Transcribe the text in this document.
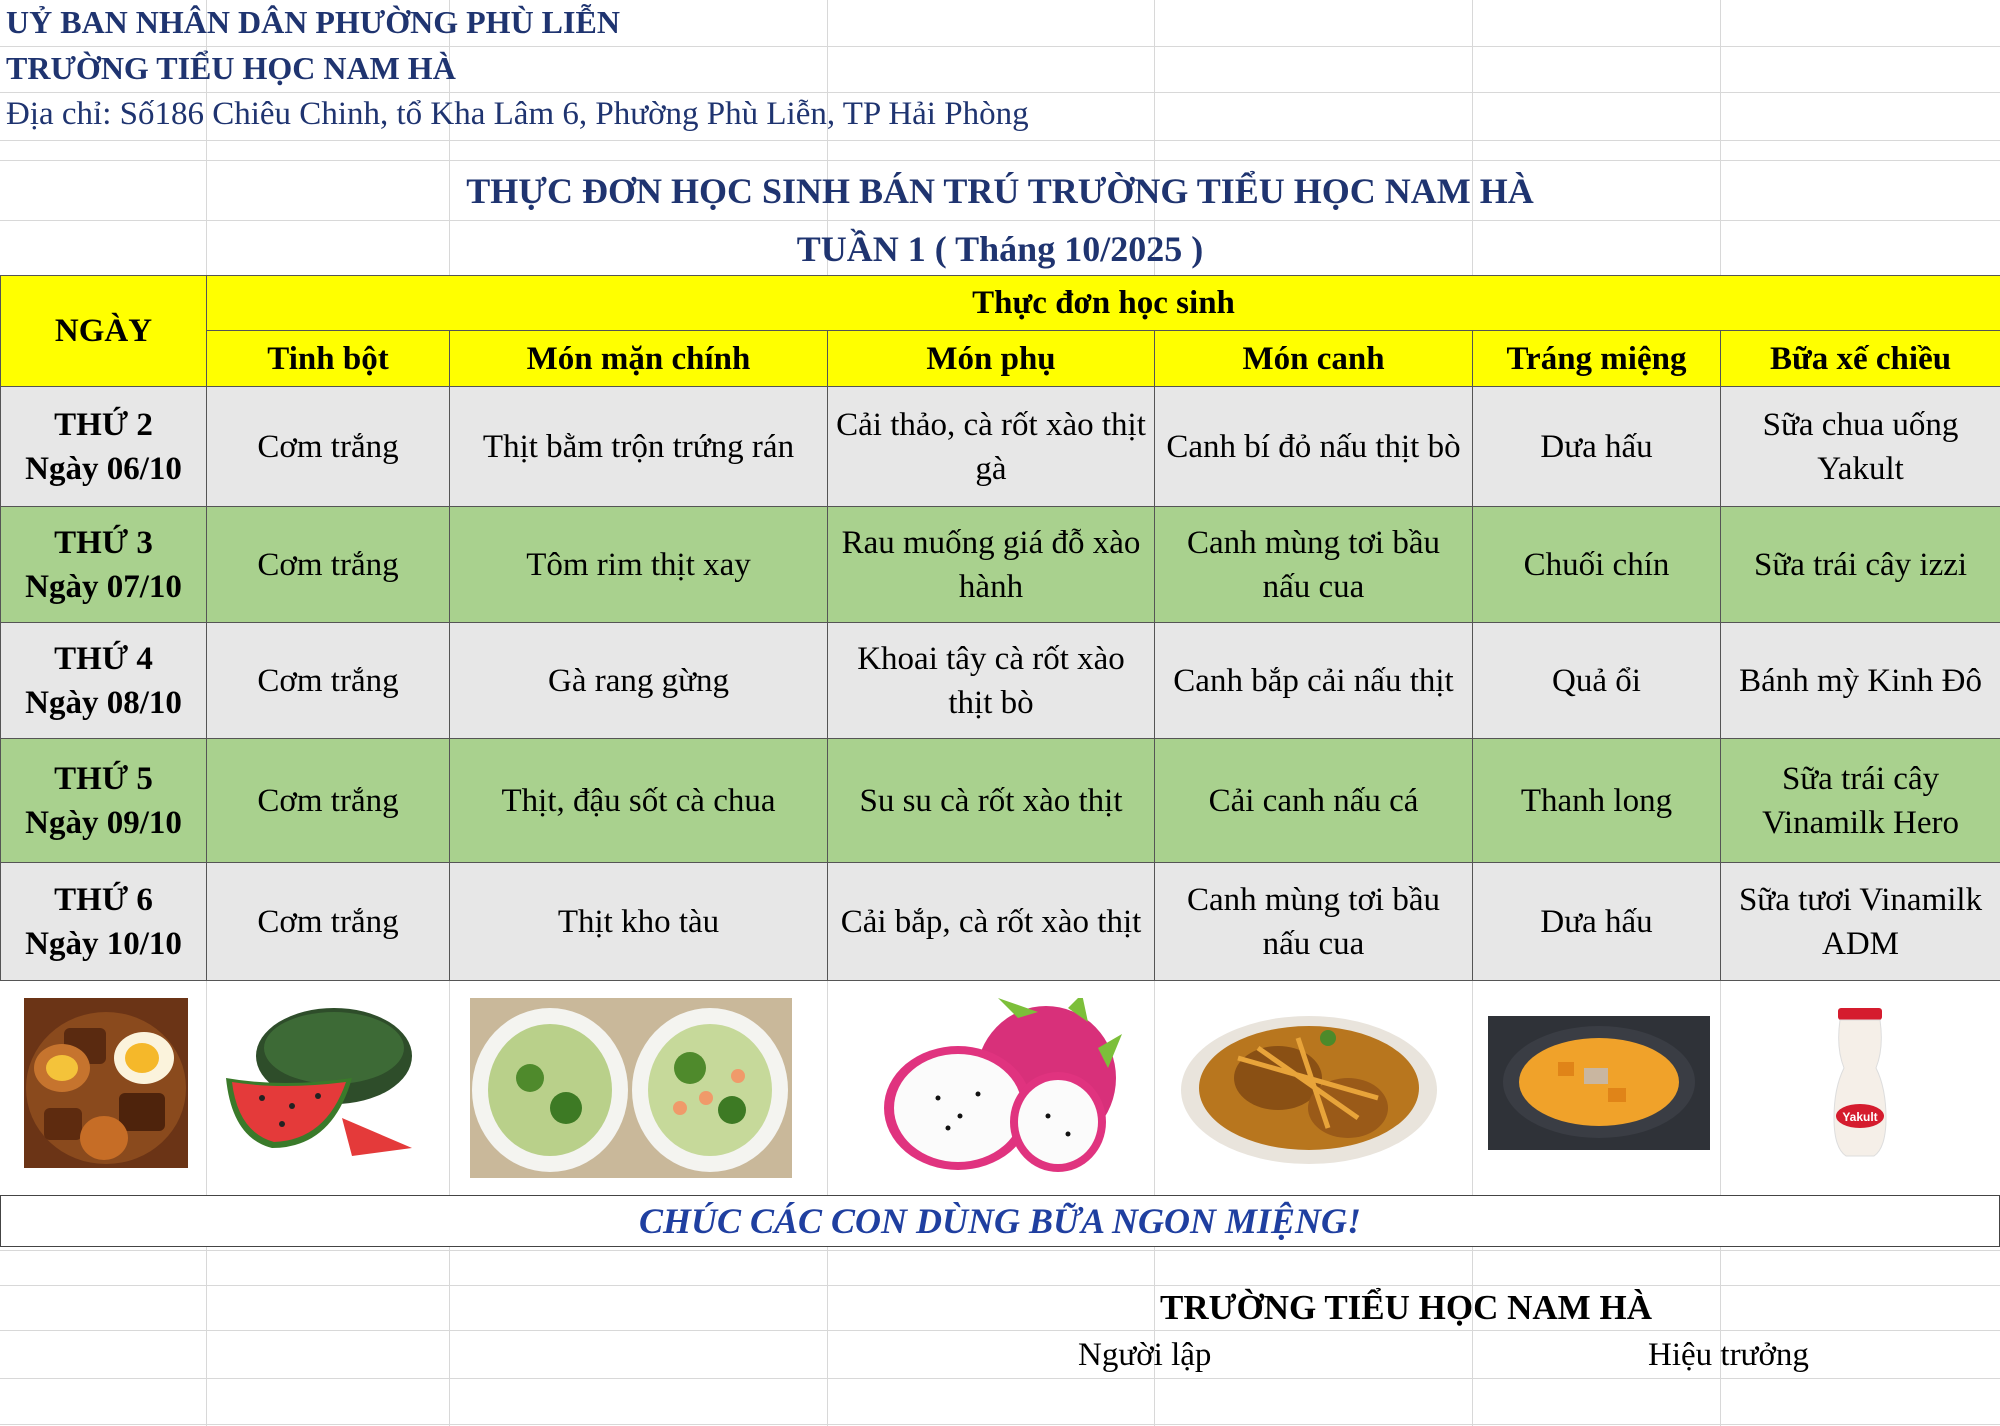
UỶ BAN NHÂN DÂN PHƯỜNG PHÙ LIỄN
TRƯỜNG TIỂU HỌC NAM HÀ
Địa chỉ: Số186 Chiêu Chinh, tổ Kha Lâm 6, Phường Phù Liễn, TP Hải Phòng
THỰC ĐƠN HỌC SINH BÁN TRÚ TRƯỜNG TIỂU HỌC NAM HÀ
TUẦN 1 ( Tháng 10/2025 )
NGÀY	Thực đơn học sinh					
	Tinh bột	Món mặn chính	Món phụ	Món canh	Tráng miệng	Bữa xế chiều
THỨ 2
Ngày 06/10	Cơm trắng	Thịt bằm trộn trứng rán	Cải thảo, cà rốt xào thịt gà	Canh bí đỏ nấu thịt bò	Dưa hấu	Sữa chua uống Yakult
THỨ 3
Ngày 07/10	Cơm trắng	Tôm rim thịt xay	Rau muống giá đỗ xào hành	Canh mùng tơi bầu nấu cua	Chuối chín	Sữa trái cây izzi
THỨ 4
Ngày 08/10	Cơm trắng	Gà rang gừng	Khoai tây cà rốt xào thịt bò	Canh bắp cải nấu thịt	Quả ổi	Bánh mỳ Kinh Đô
THỨ 5
Ngày 09/10	Cơm trắng	Thịt, đậu sốt cà chua	Su su cà rốt xào thịt	Cải canh nấu cá	Thanh long	Sữa trái cây Vinamilk Hero
THỨ 6
Ngày 10/10	Cơm trắng	Thịt kho tàu	Cải bắp, cà rốt xào thịt	Canh mùng tơi bầu nấu cua	Dưa hấu	Sữa tươi Vinamilk ADM
Yakult
CHÚC CÁC CON DÙNG BỮA NGON MIỆNG!
TRƯỜNG TIỂU HỌC NAM HÀ
Người lập	Hiệu trưởng
